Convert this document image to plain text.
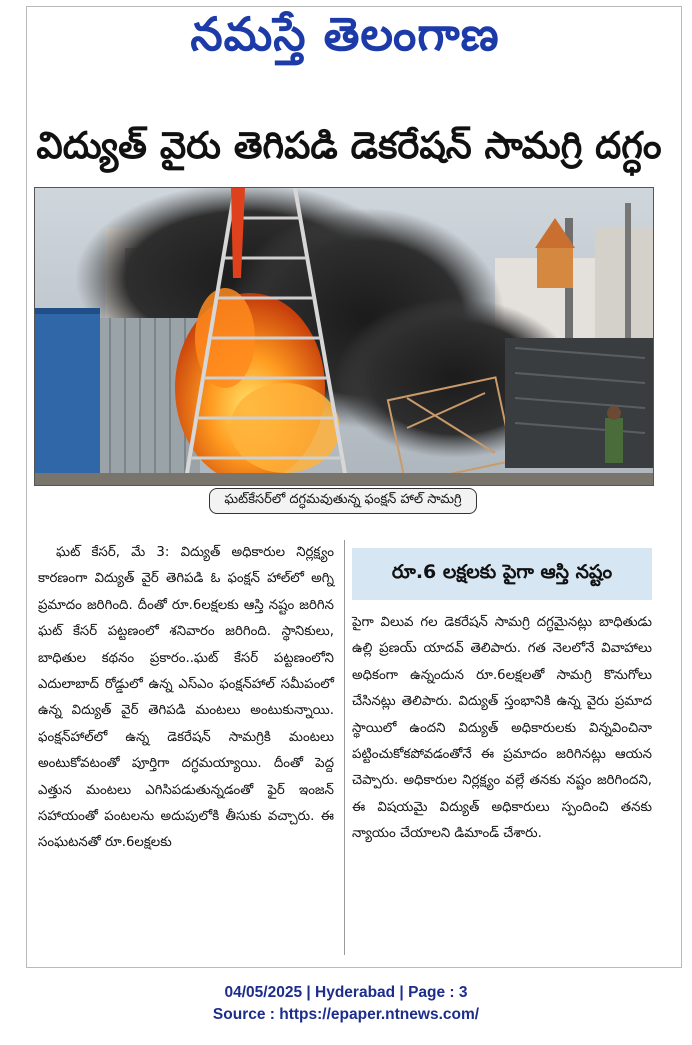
నమస్తే తెలంగాణ
విద్యుత్ వైరు తెగిపడి డెకరేషన్ సామగ్రి దగ్ధం
ఘట్‌కేసర్‌లో దగ్ధమవుతున్న ఫంక్షన్ హాల్ సామగ్రి

ఘట్ కేసర్, మే 3: విద్యుత్ అధికారుల నిర్లక్ష్యం కారణంగా విద్యుత్ వైర్ తెగిపడి ఓ ఫంక్షన్ హాల్‌లో అగ్ని ప్రమాదం జరిగింది. దీంతో రూ.6లక్షలకు ఆస్తి నష్టం జరిగిన ఘట్ కేసర్ పట్టణంలో శనివారం జరిగింది. స్థానికులు, బాధితుల కథనం ప్రకారం..ఘట్ కేసర్ పట్టణంలోని ఎదులాబాద్ రోడ్డులో ఉన్న ఎస్ఎం ఫంక్షన్‌హాల్ సమీపంలో ఉన్న విద్యుత్ వైర్ తెగిపడి మంటలు అంటుకున్నాయి. ఫంక్షన్‌హాల్‌లో ఉన్న డెకరేషన్ సామగ్రికి మంటలు అంటుకోవటంతో పూర్తిగా దగ్ధమయ్యాయి. దీంతో పెద్ద ఎత్తున మంటలు ఎగిసిపడుతున్నడంతో ఫైర్ ఇంజన్ సహాయంతో పంటలను అదుపులోకి తీసుకు వచ్చారు. ఈ సంఘటనతో రూ.6లక్షలకు

రూ.6 లక్షలకు పైగా ఆస్తి నష్టం

పైగా విలువ గల డెకరేషన్ సామగ్రి దగ్ధమైనట్లు బాధితుడు ఉల్లి ప్రణయ్ యాదవ్ తెలిపారు. గత నెలలోనే వివాహాలు అధికంగా ఉన్నందున రూ.6లక్షలతో సామగ్రి కొనుగోలు చేసినట్లు తెలిపారు. విద్యుత్ స్తంభానికి ఉన్న వైరు ప్రమాద స్థాయిలో ఉందని విద్యుత్ అధికారులకు విన్నవించినా పట్టించుకోకపోవడంతోనే ఈ ప్రమాదం జరిగినట్లు ఆయన చెప్పారు. అధికారుల నిర్లక్ష్యం వల్లే తనకు నష్టం జరిగిందని, ఈ విషయమై విద్యుత్ అధికారులు స్పందించి తనకు న్యాయం చేయాలని డిమాండ్ చేశారు.

04/05/2025 | Hyderabad | Page : 3
Source : https://epaper.ntnews.com/
